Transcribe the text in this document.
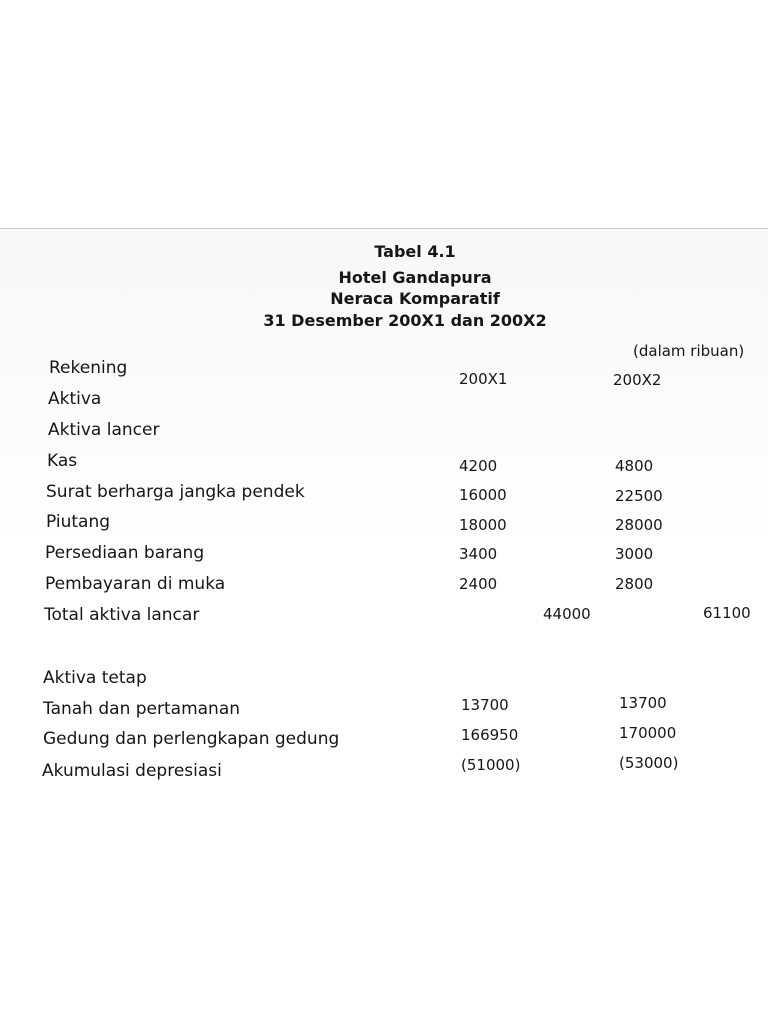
Tabel 4.1
Hotel Gandapura
Neraca Komparatif
31 Desember 200X1 dan 200X2
(dalam ribuan)
Rekening
200X1	200X2
Aktiva
Aktiva lancer
Kas	4200	4800
Surat berharga jangka pendek	16000	22500
Piutang	18000	28000
Persediaan barang	3400	3000
Pembayaran di muka	2400	2800
Total aktiva lancar	44000	61100
Aktiva tetap
Tanah dan pertamanan	13700	13700
Gedung dan perlengkapan gedung	166950	170000
Akumulasi depresiasi	(51000)	(53000)
